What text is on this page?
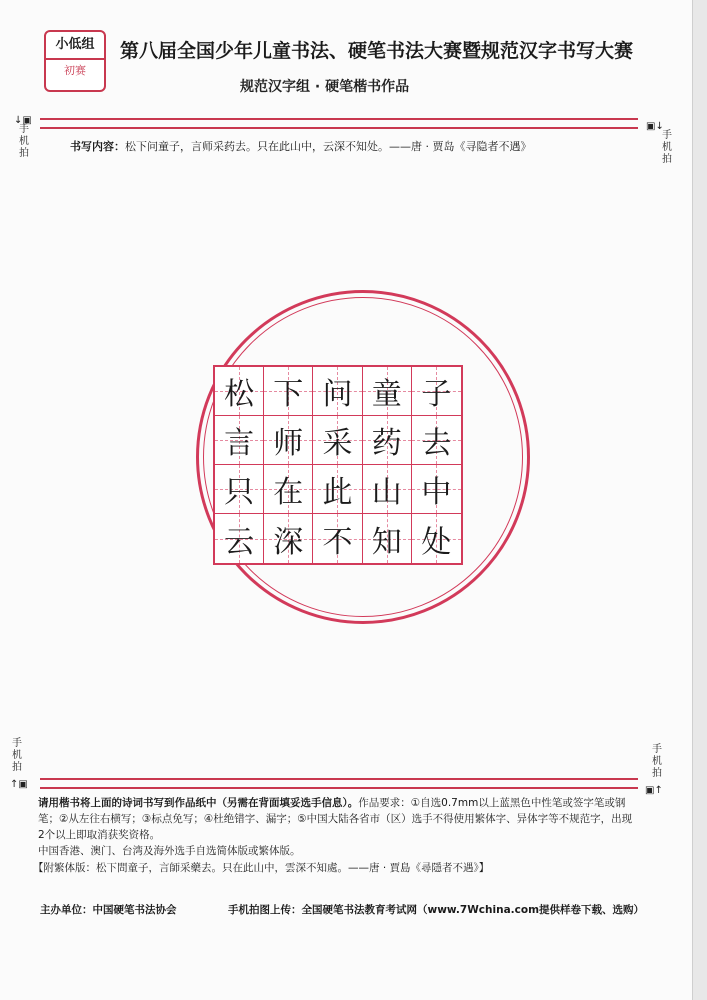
小低组
初赛
第八届全国少年儿童书法、硬笔书法大赛暨规范汉字书写大赛
规范汉字组 · 硬笔楷书作品
↓▣
手机拍
▣↓
手机拍
书写内容：松下问童子，言师采药去。只在此山中，云深不知处。——唐 · 贾岛《寻隐者不遇》
松 下 问 童 子
言 师 采 药 去
只 在 此 山 中
云 深 不 知 处
手机拍
↑▣
手机拍
▣↑
请用楷书将上面的诗词书写到作品纸中（另需在背面填妥选手信息）。作品要求：①自选0.7mm以上蓝黑色中性笔或签字笔或钢笔；②从左往右横写；③标点免写；④杜绝错字、漏字；⑤中国大陆各省市（区）选手不得使用繁体字、异体字等不规范字，出现2个以上即取消获奖资格。
中国香港、澳门、台湾及海外选手自选简体版或繁体版。
【附繁体版：松下問童子，言師采藥去。只在此山中，雲深不知處。——唐 · 賈島《尋隱者不遇》】
主办单位：中国硬笔书法协会	手机拍图上传：全国硬笔书法教育考试网（www.7Wchina.com提供样卷下载、选购）
